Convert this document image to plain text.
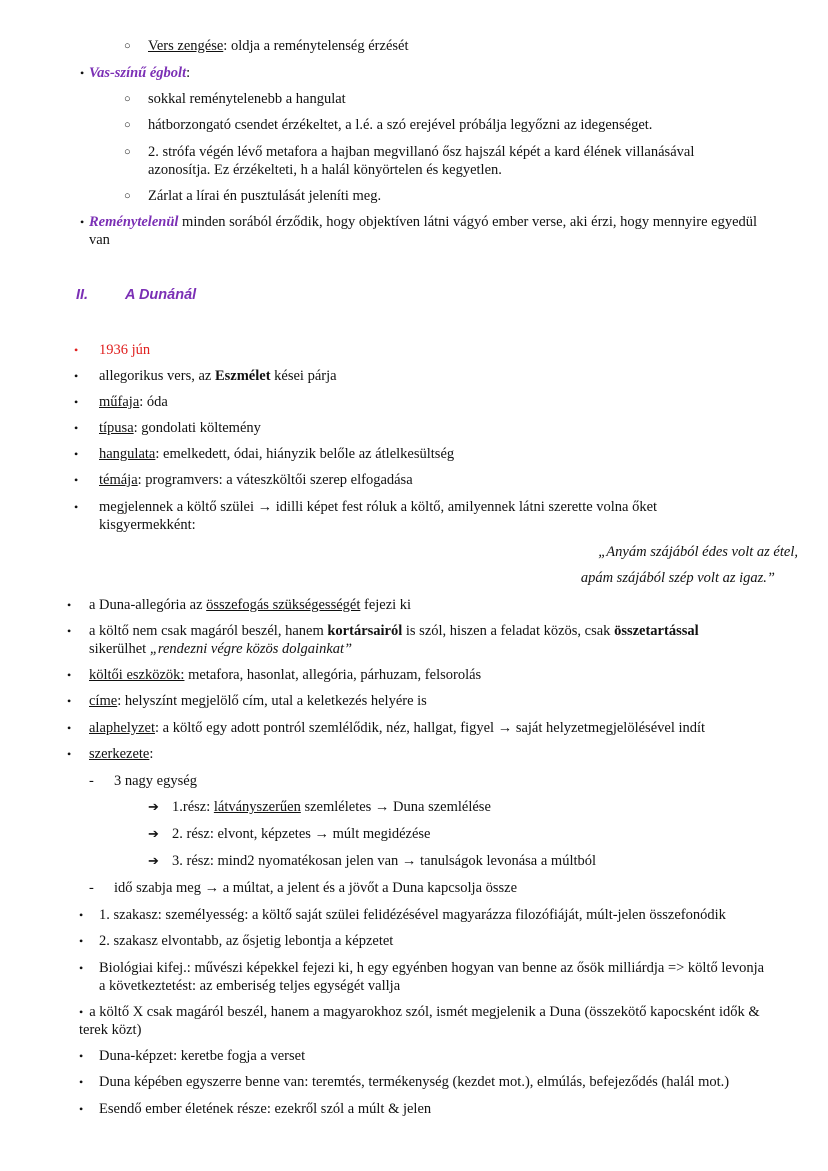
○ Vers zengése: oldja a reménytelenség érzését
• Vas-színű égbolt:
○ sokkal reménytelenebb a hangulat
○ hátborzongató csendet érzékeltet, a l.é. a szó erejével próbálja legyőzni az idegenséget.
○ 2. strófa végén lévő metafora a hajban megvillanó ősz hajszál képét a kard élének villanásával azonosítja. Ez érzékelteti, h a halál könyörtelen és kegyetlen.
○ Zárlat a lírai én pusztulását jeleníti meg.
• Reménytelenül minden sorából érződik, hogy objektíven látni vágyó ember verse, aki érzi, hogy mennyire egyedül van
II.	A Dunánál
• 1936 jún
• allegorikus vers, az Eszmélet kései párja
• műfaja: óda
• típusa: gondolati költemény
• hangulata: emelkedett, ódai, hiányzik belőle az átlelkesültség
• témája: programvers: a váteszköltői szerep elfogadása
• megjelennek a költő szülei → idilli képet fest róluk a költő, amilyennek látni szerette volna őket kisgyermekként:
„Anyám szájából édes volt az étel,
apám szájából szép volt az igaz.”
• a Duna-allegória az összefogás szükségességét fejezi ki
• a költő nem csak magáról beszél, hanem kortársairól is szól, hiszen a feladat közös, csak összetartással sikerülhet „rendezni végre közös dolgainkat”
• költői eszközök: metafora, hasonlat, allegória, párhuzam, felsorolás
• címe: helyszínt megjelölő cím, utal a keletkezés helyére is
• alaphelyzet: a költő egy adott pontról szemlélődik, néz, hallgat, figyel → saját helyzetmegjelölésével indít
• szerkezete:
- 3 nagy egység
➔ 1.rész: látványszerűen szemléletes → Duna szemlélése
➔ 2. rész: elvont, képzetes → múlt megidézése
➔ 3. rész: mind2 nyomatékosan jelen van → tanulságok levonása a múltból
- idő szabja meg → a múltat, a jelent és a jövőt a Duna kapcsolja össze
• 1. szakasz: személyesség: a költő saját szülei felidézésével magyarázza filozófiáját, múlt-jelen összefonódik
• 2. szakasz elvontabb, az ősjetig lebontja a képzetet
• Biológiai kifej.: művészi képekkel fejezi ki, h egy egyénben hogyan van benne az ősök milliárdja => költő levonja a következtetést: az emberiség teljes egységét vallja
•  a költő X csak magáról beszél, hanem a magyarokhoz szól, ismét megjelenik a Duna (összekötő kapocsként idők & terek közt)
• Duna-képzet: keretbe fogja a verset
• Duna képében egyszerre benne van: teremtés, termékenység (kezdet mot.), elmúlás, befejeződés (halál mot.)
• Esendő ember életének része: ezekről szól a múlt & jelen
